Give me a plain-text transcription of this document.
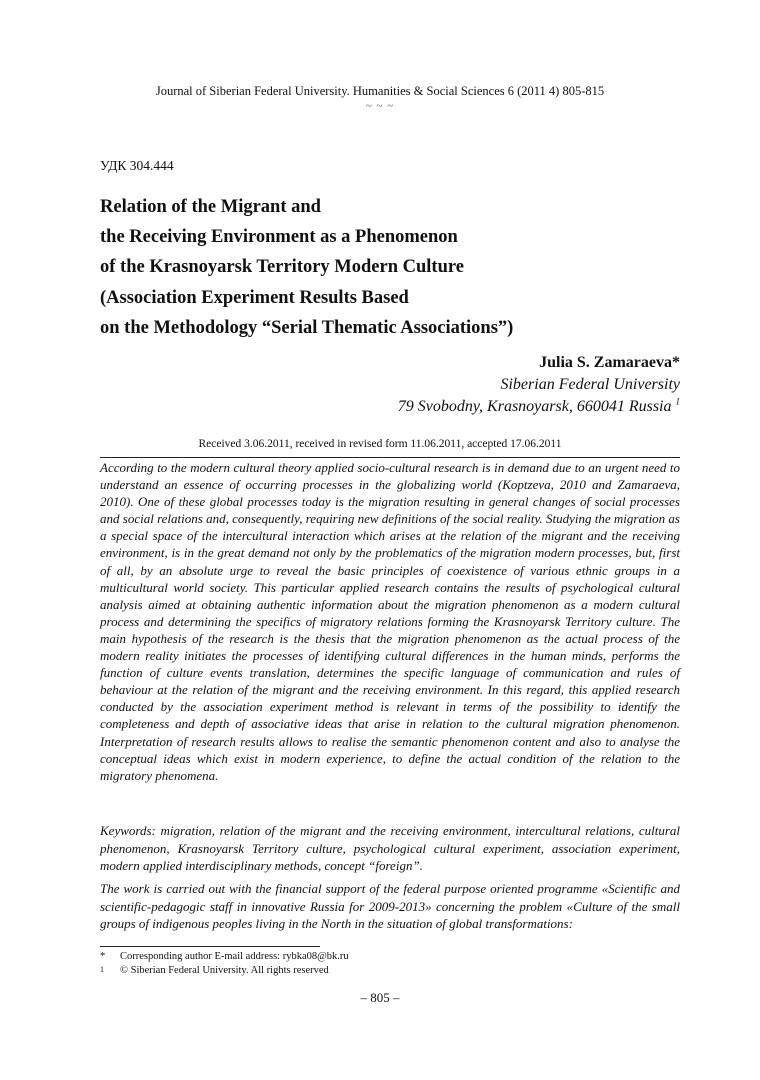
Journal of Siberian Federal University. Humanities & Social Sciences 6 (2011 4) 805-815
~ ~ ~
УДК 304.444
Relation of the Migrant and
the Receiving Environment as a Phenomenon
of the Krasnoyarsk Territory Modern Culture
(Association Experiment Results Based
on the Methodology “Serial Thematic Associations”)
Julia S. Zamaraeva*
Siberian Federal University
79 Svobodny, Krasnoyarsk, 660041 Russia $^1$
Received 3.06.2011, received in revised form 11.06.2011, accepted 17.06.2011

According to the modern cultural theory applied socio-cultural research is in demand due to an urgent need to understand an essence of occurring processes in the globalizing world (Koptzeva, 2010 and Zamaraeva, 2010). One of these global processes today is the migration resulting in general changes of social processes and social relations and, consequently, requiring new definitions of the social reality. Studying the migration as a special space of the intercultural interaction which arises at the relation of the migrant and the receiving environment, is in the great demand not only by the problematics of the migration modern processes, but, first of all, by an absolute urge to reveal the basic principles of coexistence of various ethnic groups in a multicultural world society. This particular applied research contains the results of psychological cultural analysis aimed at obtaining authentic information about the migration phenomenon as a modern cultural process and determining the specifics of migratory relations forming the Krasnoyarsk Territory culture. The main hypothesis of the research is the thesis that the migration phenomenon as the actual process of the modern reality initiates the processes of identifying cultural differences in the human minds, performs the function of culture events translation, determines the specific language of communication and rules of behaviour at the relation of the migrant and the receiving environment. In this regard, this applied research conducted by the association experiment method is relevant in terms of the possibility to identify the completeness and depth of associative ideas that arise in relation to the cultural migration phenomenon. Interpretation of research results allows to realise the semantic phenomenon content and also to analyse the conceptual ideas which exist in modern experience, to define the actual condition of the relation to the migratory phenomena.

Keywords: migration, relation of the migrant and the receiving environment, intercultural relations, cultural phenomenon, Krasnoyarsk Territory culture, psychological cultural experiment, association experiment, modern applied interdisciplinary methods, concept “foreign”.

The work is carried out with the financial support of the federal purpose oriented programme «Scientific and scientific-pedagogic staff in innovative Russia for 2009-2013» concerning the problem «Culture of the small groups of indigenous peoples living in the North in the situation of global transformations:

*	Corresponding author E-mail address: rybka08@bk.ru
1	© Siberian Federal University. All rights reserved
– 805 –
